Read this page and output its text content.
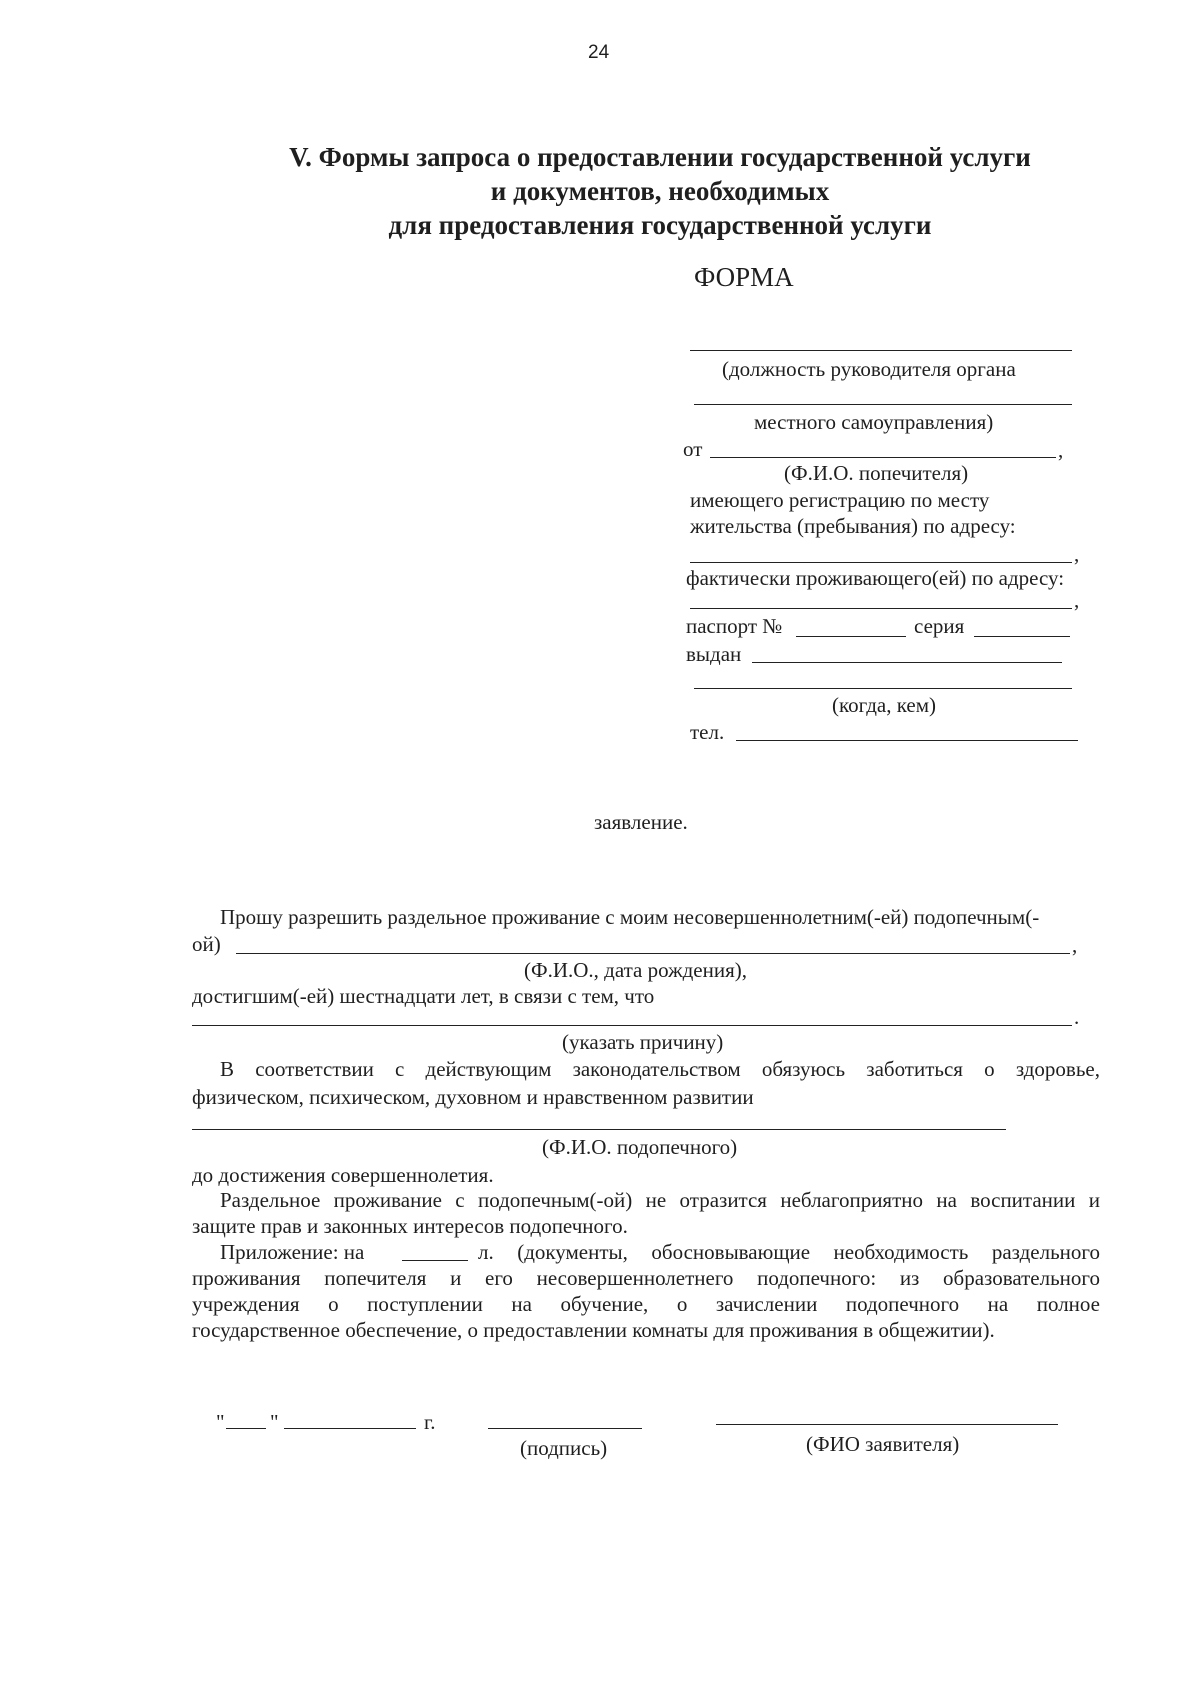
24
V. Формы запроса о предоставлении государственной услуги
и документов, необходимых
для предоставления государственной услуги
ФОРМА
(должность руководителя органа
местного самоуправления)
от	,
(Ф.И.О. попечителя)
имеющего регистрацию по месту
жительства (пребывания) по адресу:
,
фактически проживающего(ей) по адресу:
,
паспорт №	серия
выдан
(когда, кем)
тел.
заявление.
Прошу разрешить раздельное проживание с моим несовершеннолетним(-ей) подопечным(-
ой)	,
(Ф.И.О., дата рождения),
достигшим(-ей) шестнадцати лет, в связи с тем, что
.
(указать причину)
В соответствии с действующим законодательством обязуюсь заботиться о здоровье,
физическом, психическом, духовном и нравственном развитии
(Ф.И.О. подопечного)
до достижения совершеннолетия.
Раздельное проживание с подопечным(-ой) не отразится неблагоприятно на воспитании и
защите прав и законных интересов подопечного.
Приложение: на	л. (документы, обосновывающие необходимость раздельного
проживания попечителя и его несовершеннолетнего подопечного: из образовательного
учреждения о поступлении на обучение, о зачислении подопечного на полное
государственное обеспечение, о предоставлении комнаты для проживания в общежитии).
" "	г.
(подпись)	(ФИО заявителя)
